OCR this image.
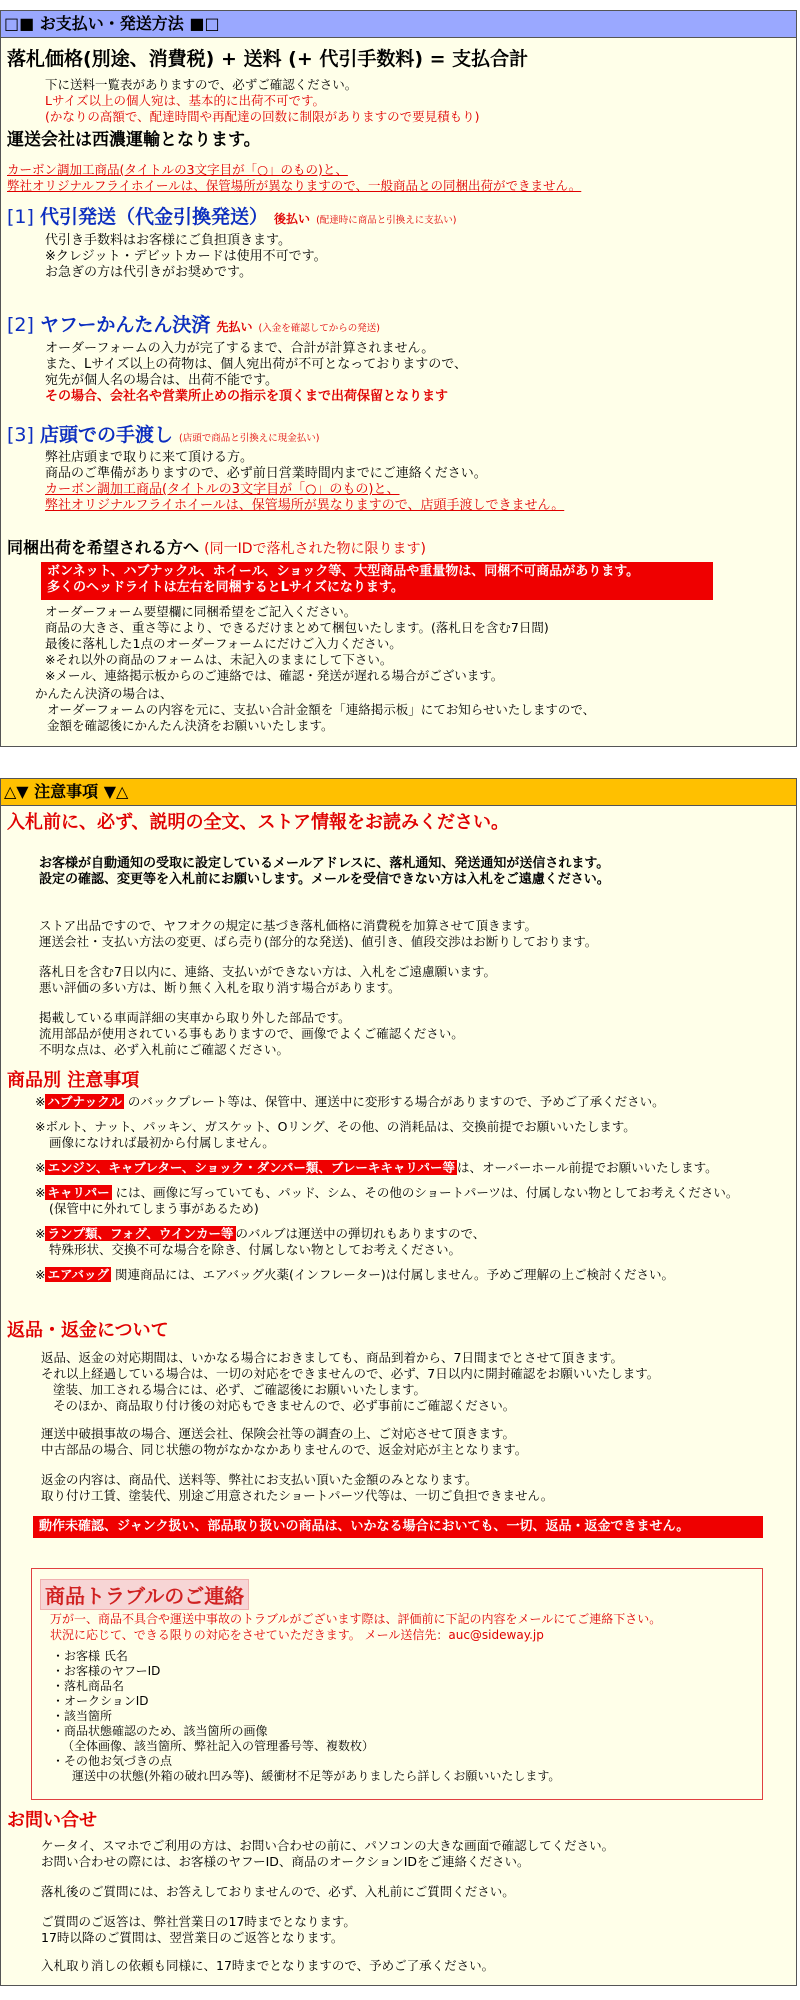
□■ お支払い・発送方法 ■□
落札価格(別途、消費税) + 送料 (+ 代引手数料) = 支払合計
下に送料一覧表がありますので、必ずご確認ください。
Lサイズ以上の個人宛は、基本的に出荷不可です。
(かなりの高額で、配達時間や再配達の回数に制限がありますので要見積もり)
運送会社は西濃運輸となります。
カーボン調加工商品(タイトルの3文字目が「○」のもの)と、
弊社オリジナルフライホイールは、保管場所が異なりますので、一般商品との同梱出荷ができません。
[1] 代引発送（代金引換発送） 後払い (配達時に商品と引換えに支払い)
代引き手数料はお客様にご負担頂きます。
※クレジット・デビットカードは使用不可です。
お急ぎの方は代引きがお奨めです。
[2] ヤフーかんたん決済 先払い (入金を確認してからの発送)
オーダーフォームの入力が完了するまで、合計が計算されません。
また、Lサイズ以上の荷物は、個人宛出荷が不可となっておりますので、
宛先が個人名の場合は、出荷不能です。
その場合、会社名や営業所止めの指示を頂くまで出荷保留となります
[3] 店頭での手渡し (店頭で商品と引換えに現金払い)
弊社店頭まで取りに来て頂ける方。
商品のご準備がありますので、必ず前日営業時間内までにご連絡ください。
カーボン調加工商品(タイトルの3文字目が「○」のもの)と、
弊社オリジナルフライホイールは、保管場所が異なりますので、店頭手渡しできません。
同梱出荷を希望される方へ (同一IDで落札された物に限ります)
ボンネット、ハブナックル、ホイール、ショック等、大型商品や重量物は、同梱不可商品があります。
多くのヘッドライトは左右を同梱するとLサイズになります。
オーダーフォーム要望欄に同梱希望をご記入ください。
商品の大きさ、重さ等により、できるだけまとめて梱包いたします。(落札日を含む7日間)
最後に落札した1点のオーダーフォームにだけご入力ください。
※それ以外の商品のフォームは、未記入のままにして下さい。
※メール、連絡掲示板からのご連絡では、確認・発送が遅れる場合がございます。
かんたん決済の場合は、
オーダーフォームの内容を元に、支払い合計金額を「連絡掲示板」にてお知らせいたしますので、
金額を確認後にかんたん決済をお願いいたします。
△▼ 注意事項 ▼△
入札前に、必ず、説明の全文、ストア情報をお読みください。
お客様が自動通知の受取に設定しているメールアドレスに、落札通知、発送通知が送信されます。
設定の確認、変更等を入札前にお願いします。メールを受信できない方は入札をご遠慮ください。
ストア出品ですので、ヤフオクの規定に基づき落札価格に消費税を加算させて頂きます。
運送会社・支払い方法の変更、ばら売り(部分的な発送)、値引き、値段交渉はお断りしております。
落札日を含む7日以内に、連絡、支払いができない方は、入札をご遠慮願います。
悪い評価の多い方は、断り無く入札を取り消す場合があります。
掲載している車両詳細の実車から取り外した部品です。
流用部品が使用されている事もありますので、画像でよくご確認ください。
不明な点は、必ず入札前にご確認ください。
商品別 注意事項
※ ハブナックル のバックプレート等は、保管中、運送中に変形する場合がありますので、予めご了承ください。
※ボルト、ナット、パッキン、ガスケット、Oリング、その他、の消耗品は、交換前提でお願いいたします。
画像になければ最初から付属しません。
※ エンジン、キャブレター、ショック・ダンパー類、ブレーキキャリパー等 は、オーバーホール前提でお願いいたします。
※ キャリパー には、画像に写っていても、パッド、シム、その他のショートパーツは、付属しない物としてお考えください。
(保管中に外れてしまう事があるため)
※ ランプ類、フォグ、ウインカー等 のバルブは運送中の弾切れもありますので、
特殊形状、交換不可な場合を除き、付属しない物としてお考えください。
※ エアバッグ 関連商品には、エアバッグ火薬(インフレーター)は付属しません。予めご理解の上ご検討ください。
返品・返金について
返品、返金の対応期間は、いかなる場合におきましても、商品到着から、7日間までとさせて頂きます。
それ以上経過している場合は、一切の対応をできませんので、必ず、7日以内に開封確認をお願いいたします。
塗装、加工される場合には、必ず、ご確認後にお願いいたします。
そのほか、商品取り付け後の対応もできませんので、必ず事前にご確認ください。
運送中破損事故の場合、運送会社、保険会社等の調査の上、ご対応させて頂きます。
中古部品の場合、同じ状態の物がなかなかありませんので、返金対応が主となります。
返金の内容は、商品代、送料等、弊社にお支払い頂いた金額のみとなります。
取り付け工賃、塗装代、別途ご用意されたショートパーツ代等は、一切ご負担できません。
動作未確認、ジャンク扱い、部品取り扱いの商品は、いかなる場合においても、一切、返品・返金できません。
商品トラブルのご連絡
万が一、商品不具合や運送中事故のトラブルがございます際は、評価前に下記の内容をメールにてご連絡下さい。
状況に応じて、できる限りの対応をさせていただきます。 メール送信先：auc@sideway.jp
・お客様 氏名
・お客様のヤフーID
・落札商品名
・オークションID
・該当箇所
・商品状態確認のため、該当箇所の画像
（全体画像、該当箇所、弊社記入の管理番号等、複数枚）
・その他お気づきの点
運送中の状態(外箱の破れ凹み等)、緩衝材不足等がありましたら詳しくお願いいたします。
お問い合せ
ケータイ、スマホでご利用の方は、お問い合わせの前に、パソコンの大きな画面で確認してください。
お問い合わせの際には、お客様のヤフーID、商品のオークションIDをご連絡ください。
落札後のご質問には、お答えしておりませんので、必ず、入札前にご質問ください。
ご質問のご返答は、弊社営業日の17時までとなります。
17時以降のご質問は、翌営業日のご返答となります。
入札取り消しの依頼も同様に、17時までとなりますので、予めご了承ください。
